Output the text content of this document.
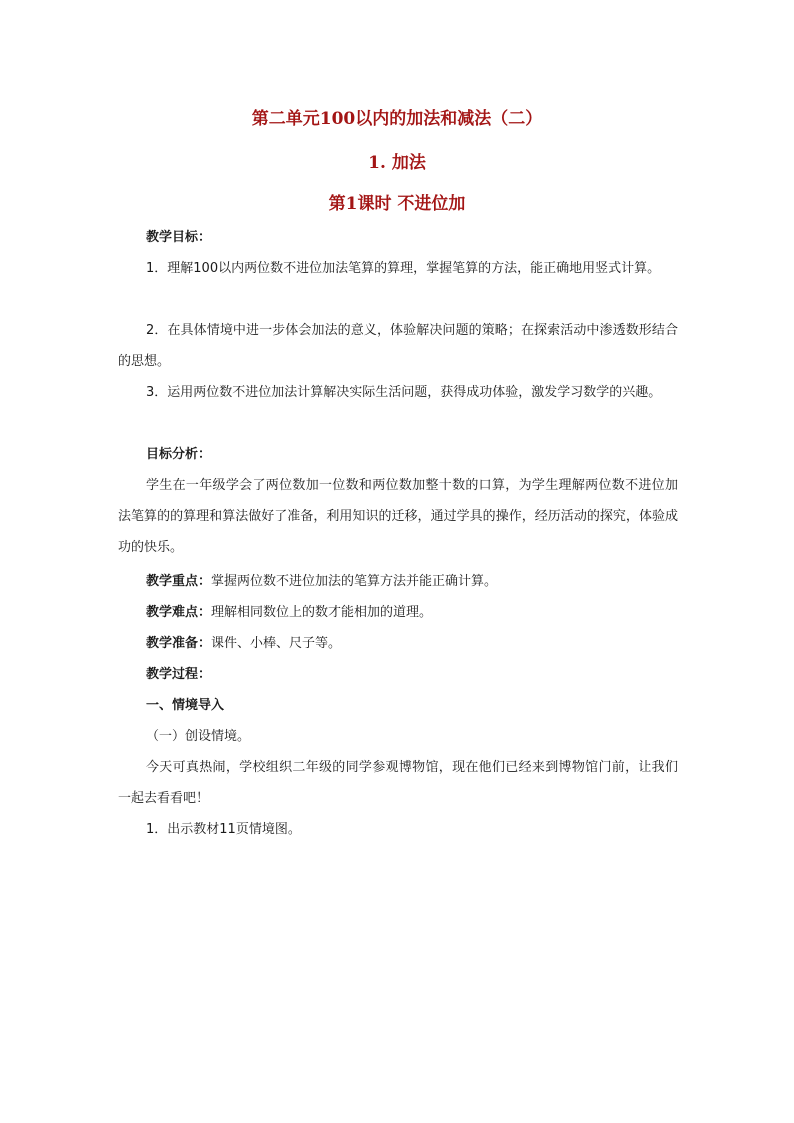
第二单元100以内的加法和减法（二）
1. 加法
第1课时 不进位加
教学目标：
1．理解100以内两位数不进位加法笔算的算理，掌握笔算的方法，能正确地用竖式计算。
2．在具体情境中进一步体会加法的意义，体验解决问题的策略；在探索活动中渗透数形结合的思想。
3．运用两位数不进位加法计算解决实际生活问题，获得成功体验，激发学习数学的兴趣。
目标分析：
学生在一年级学会了两位数加一位数和两位数加整十数的口算，为学生理解两位数不进位加法笔算的的算理和算法做好了准备，利用知识的迁移，通过学具的操作，经历活动的探究，体验成功的快乐。
教学重点：掌握两位数不进位加法的笔算方法并能正确计算。
教学难点：理解相同数位上的数才能相加的道理。
教学准备：课件、小棒、尺子等。
教学过程：
一、情境导入
（一）创设情境。
今天可真热闹，学校组织二年级的同学参观博物馆，现在他们已经来到博物馆门前，让我们一起去看看吧！
1．出示教材11页情境图。
